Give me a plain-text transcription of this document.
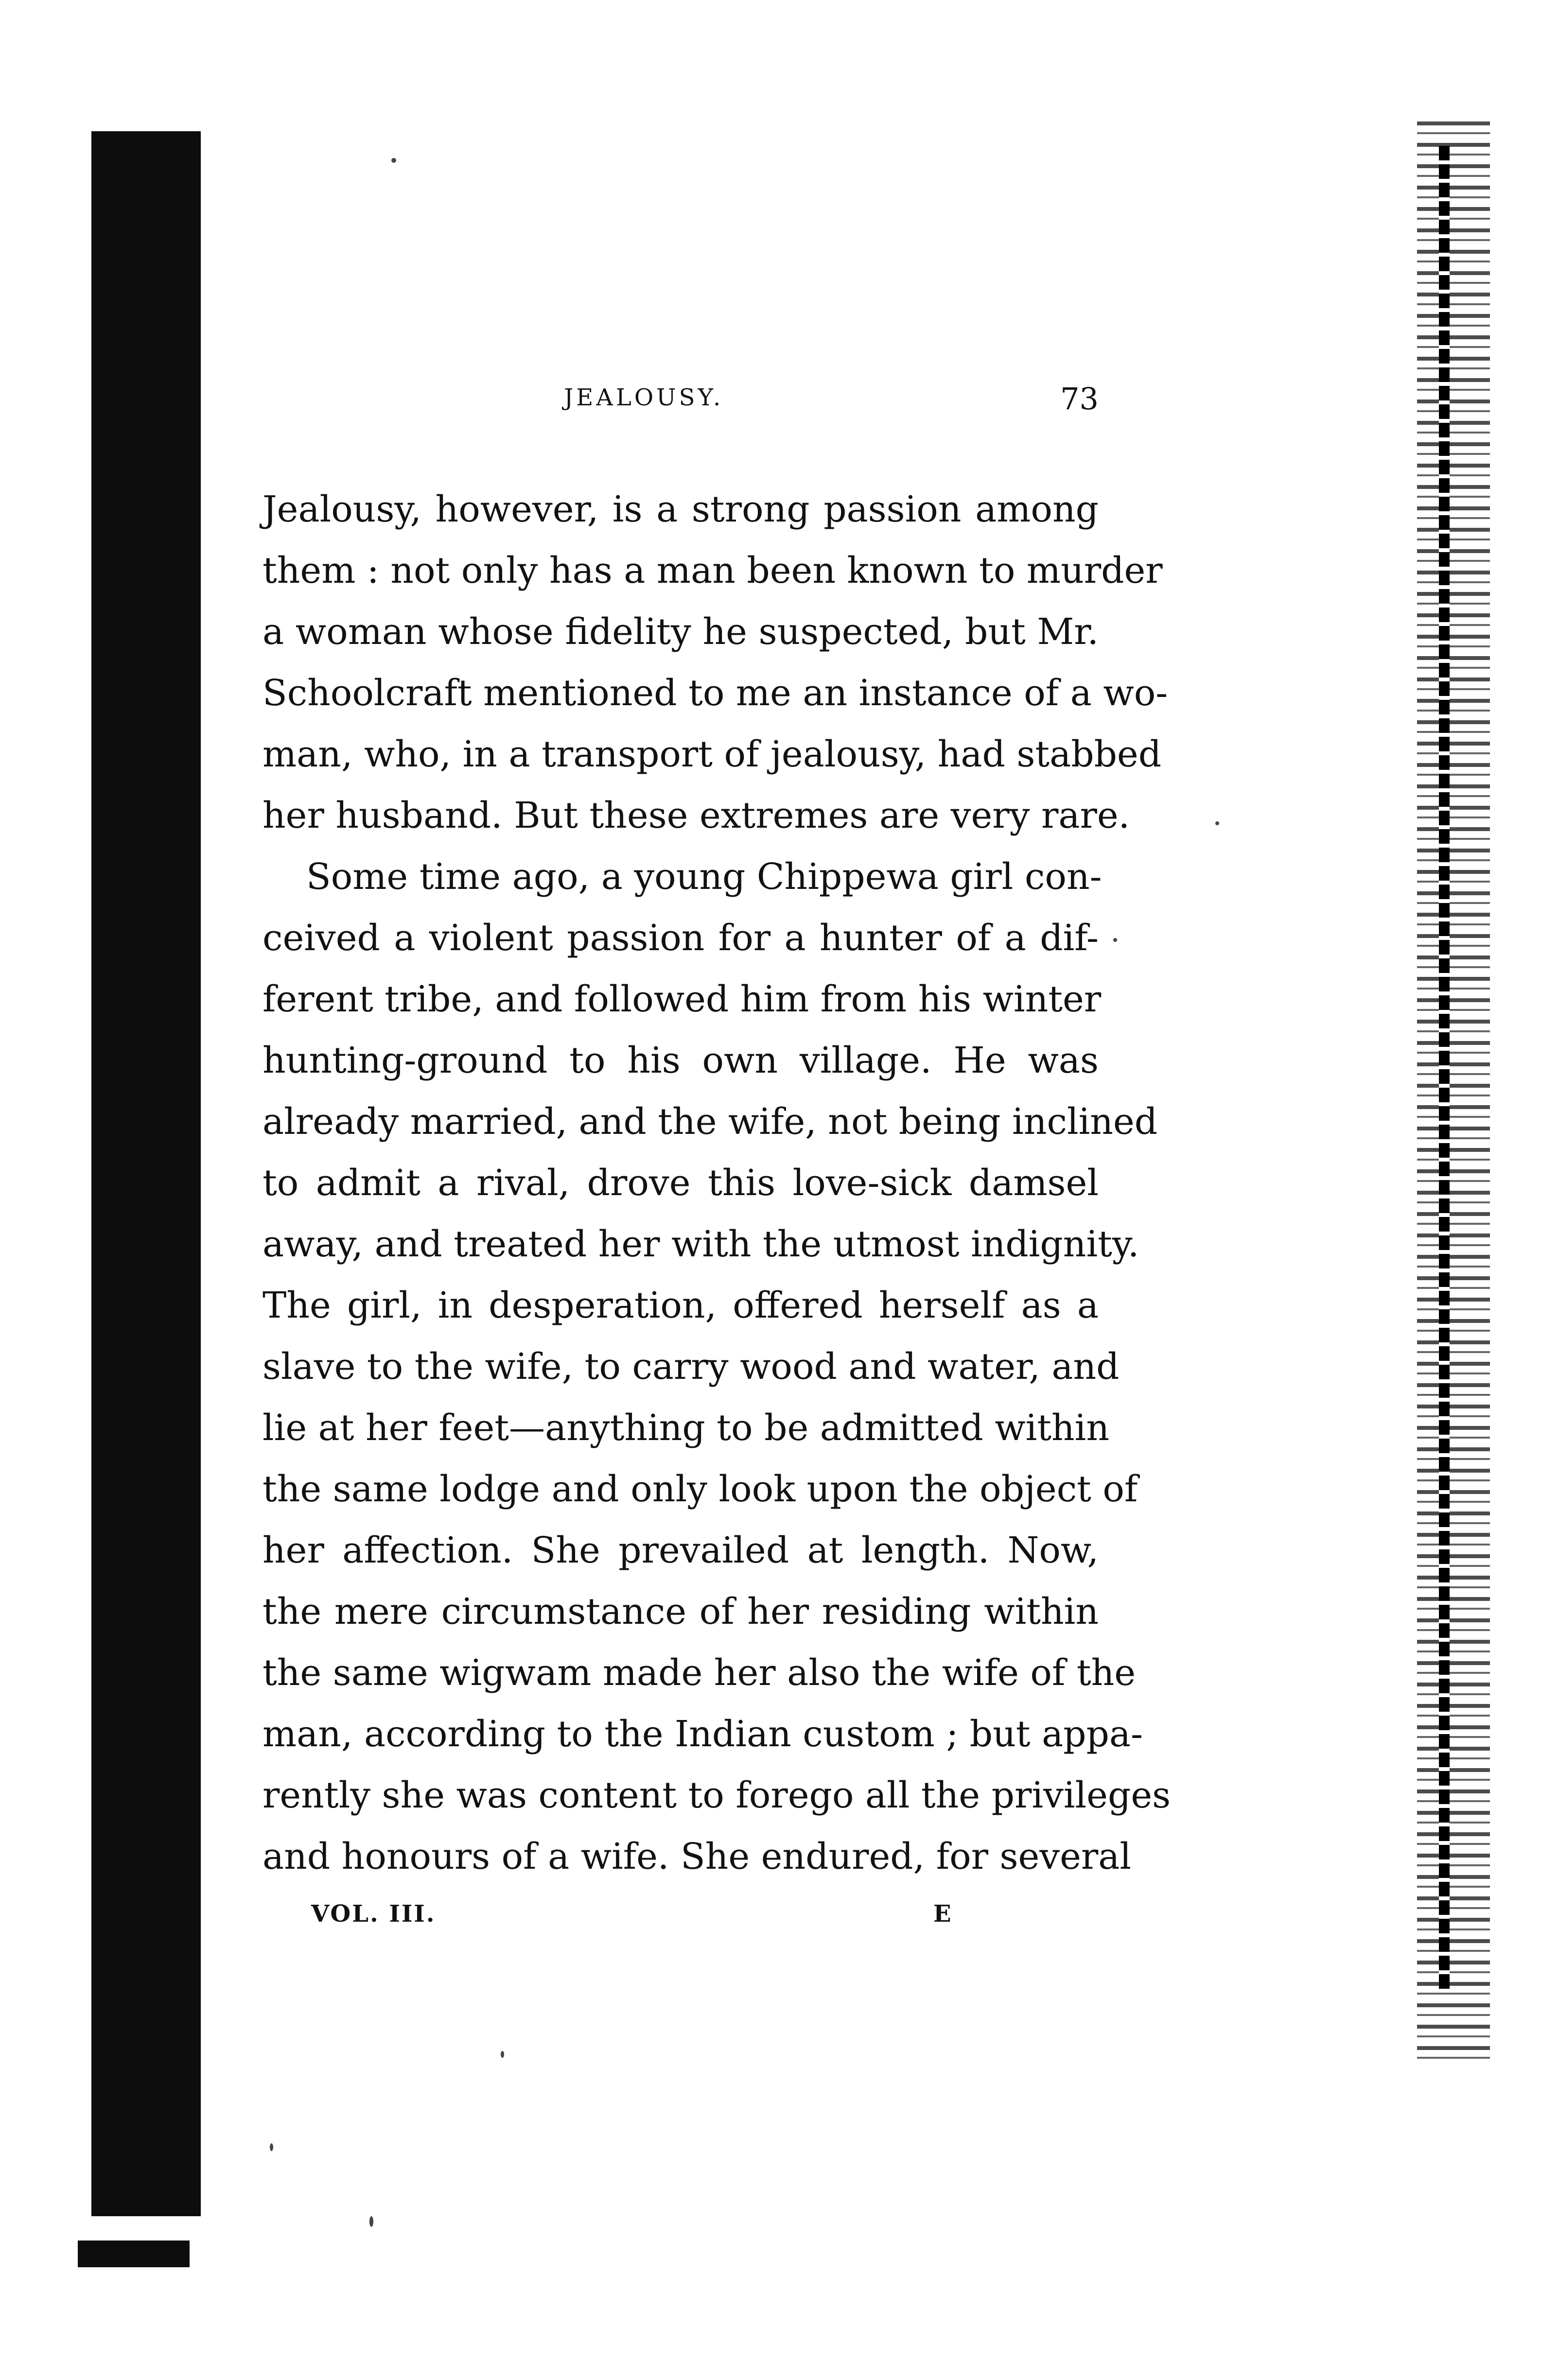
JEALOUSY.	73

Jealousy, however, is a strong passion among
them : not only has a man been known to murder
a woman whose fidelity he suspected, but Mr.
Schoolcraft mentioned to me an instance of a wo-
man, who, in a transport of jealousy, had stabbed
her husband. But these extremes are very rare.
Some time ago, a young Chippewa girl con-
ceived a violent passion for a hunter of a dif-
ferent tribe, and followed him from his winter
hunting-ground to his own village. He was
already married, and the wife, not being inclined
to admit a rival, drove this love-sick damsel
away, and treated her with the utmost indignity.
The girl, in desperation, offered herself as a
slave to the wife, to carry wood and water, and
lie at her feet—anything to be admitted within
the same lodge and only look upon the object of
her affection. She prevailed at length. Now,
the mere circumstance of her residing within
the same wigwam made her also the wife of the
man, according to the Indian custom ; but appa-
rently she was content to forego all the privileges
and honours of a wife. She endured, for several

VOL. III.	E
